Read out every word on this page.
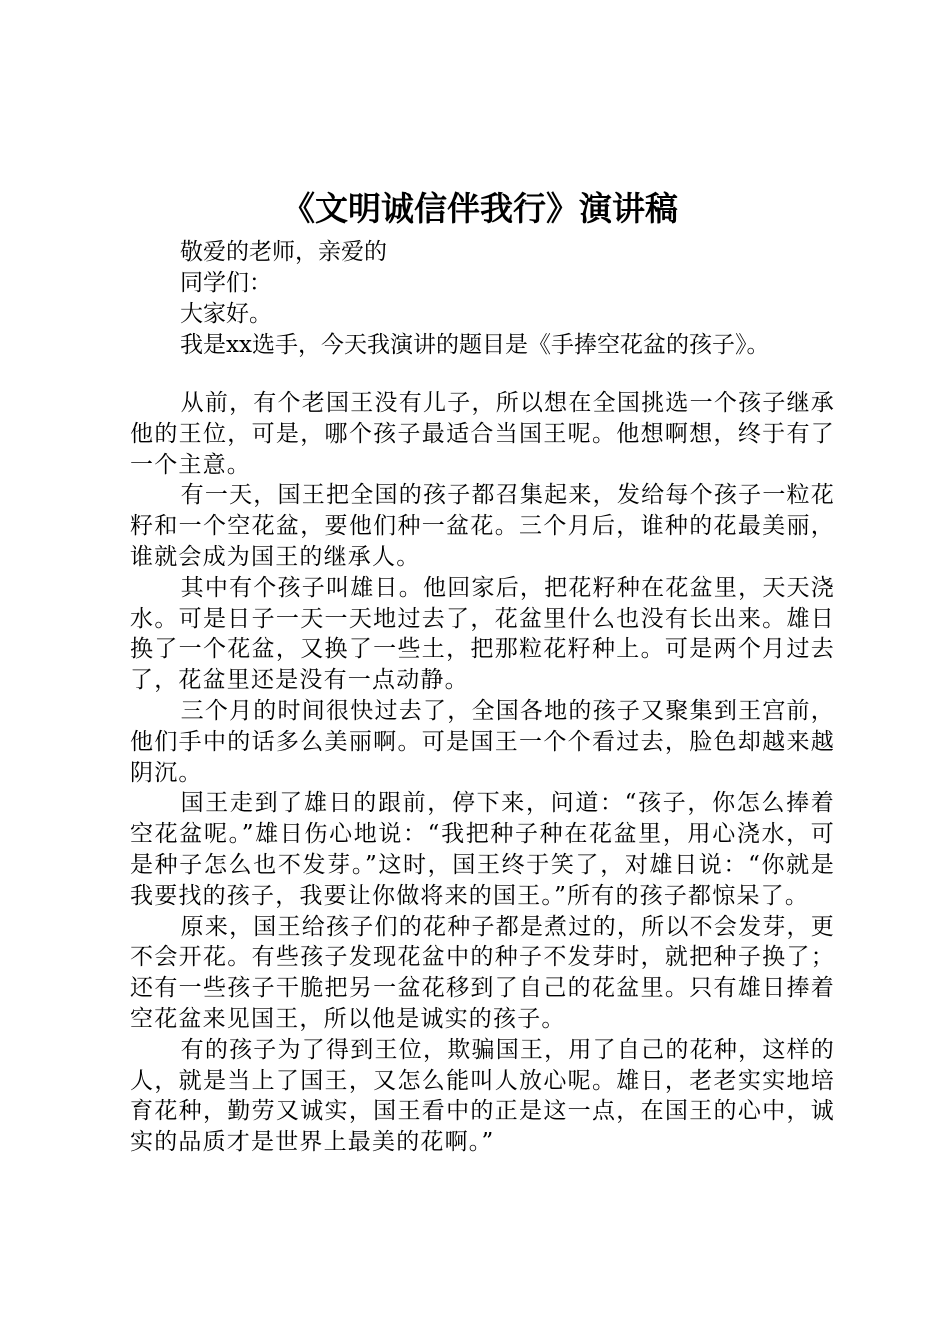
《文明诚信伴我行》演讲稿
敬爱的老师，亲爱的
同学们：
大家好。
我是xx选手，今天我演讲的题目是《手捧空花盆的孩子》。

从前，有个老国王没有儿子，所以想在全国挑选一个孩子继承他的王位，可是，哪个孩子最适合当国王呢。他想啊想，终于有了一个主意。

有一天，国王把全国的孩子都召集起来，发给每个孩子一粒花籽和一个空花盆，要他们种一盆花。三个月后，谁种的花最美丽，谁就会成为国王的继承人。

其中有个孩子叫雄日。他回家后，把花籽种在花盆里，天天浇水。可是日子一天一天地过去了，花盆里什么也没有长出来。雄日换了一个花盆，又换了一些土，把那粒花籽种上。可是两个月过去了，花盆里还是没有一点动静。

三个月的时间很快过去了，全国各地的孩子又聚集到王宫前，他们手中的话多么美丽啊。可是国王一个个看过去，脸色却越来越阴沉。

国王走到了雄日的跟前，停下来，问道：“孩子，你怎么捧着空花盆呢。”雄日伤心地说：“我把种子种在花盆里，用心浇水，可是种子怎么也不发芽。”这时，国王终于笑了，对雄日说：“你就是我要找的孩子，我要让你做将来的国王。”所有的孩子都惊呆了。

原来，国王给孩子们的花种子都是煮过的，所以不会发芽，更不会开花。有些孩子发现花盆中的种子不发芽时，就把种子换了；还有一些孩子干脆把另一盆花移到了自己的花盆里。只有雄日捧着空花盆来见国王，所以他是诚实的孩子。

有的孩子为了得到王位，欺骗国王，用了自己的花种，这样的人，就是当上了国王，又怎么能叫人放心呢。雄日，老老实实地培育花种，勤劳又诚实，国王看中的正是这一点，在国王的心中，诚实的品质才是世界上最美的花啊。”
